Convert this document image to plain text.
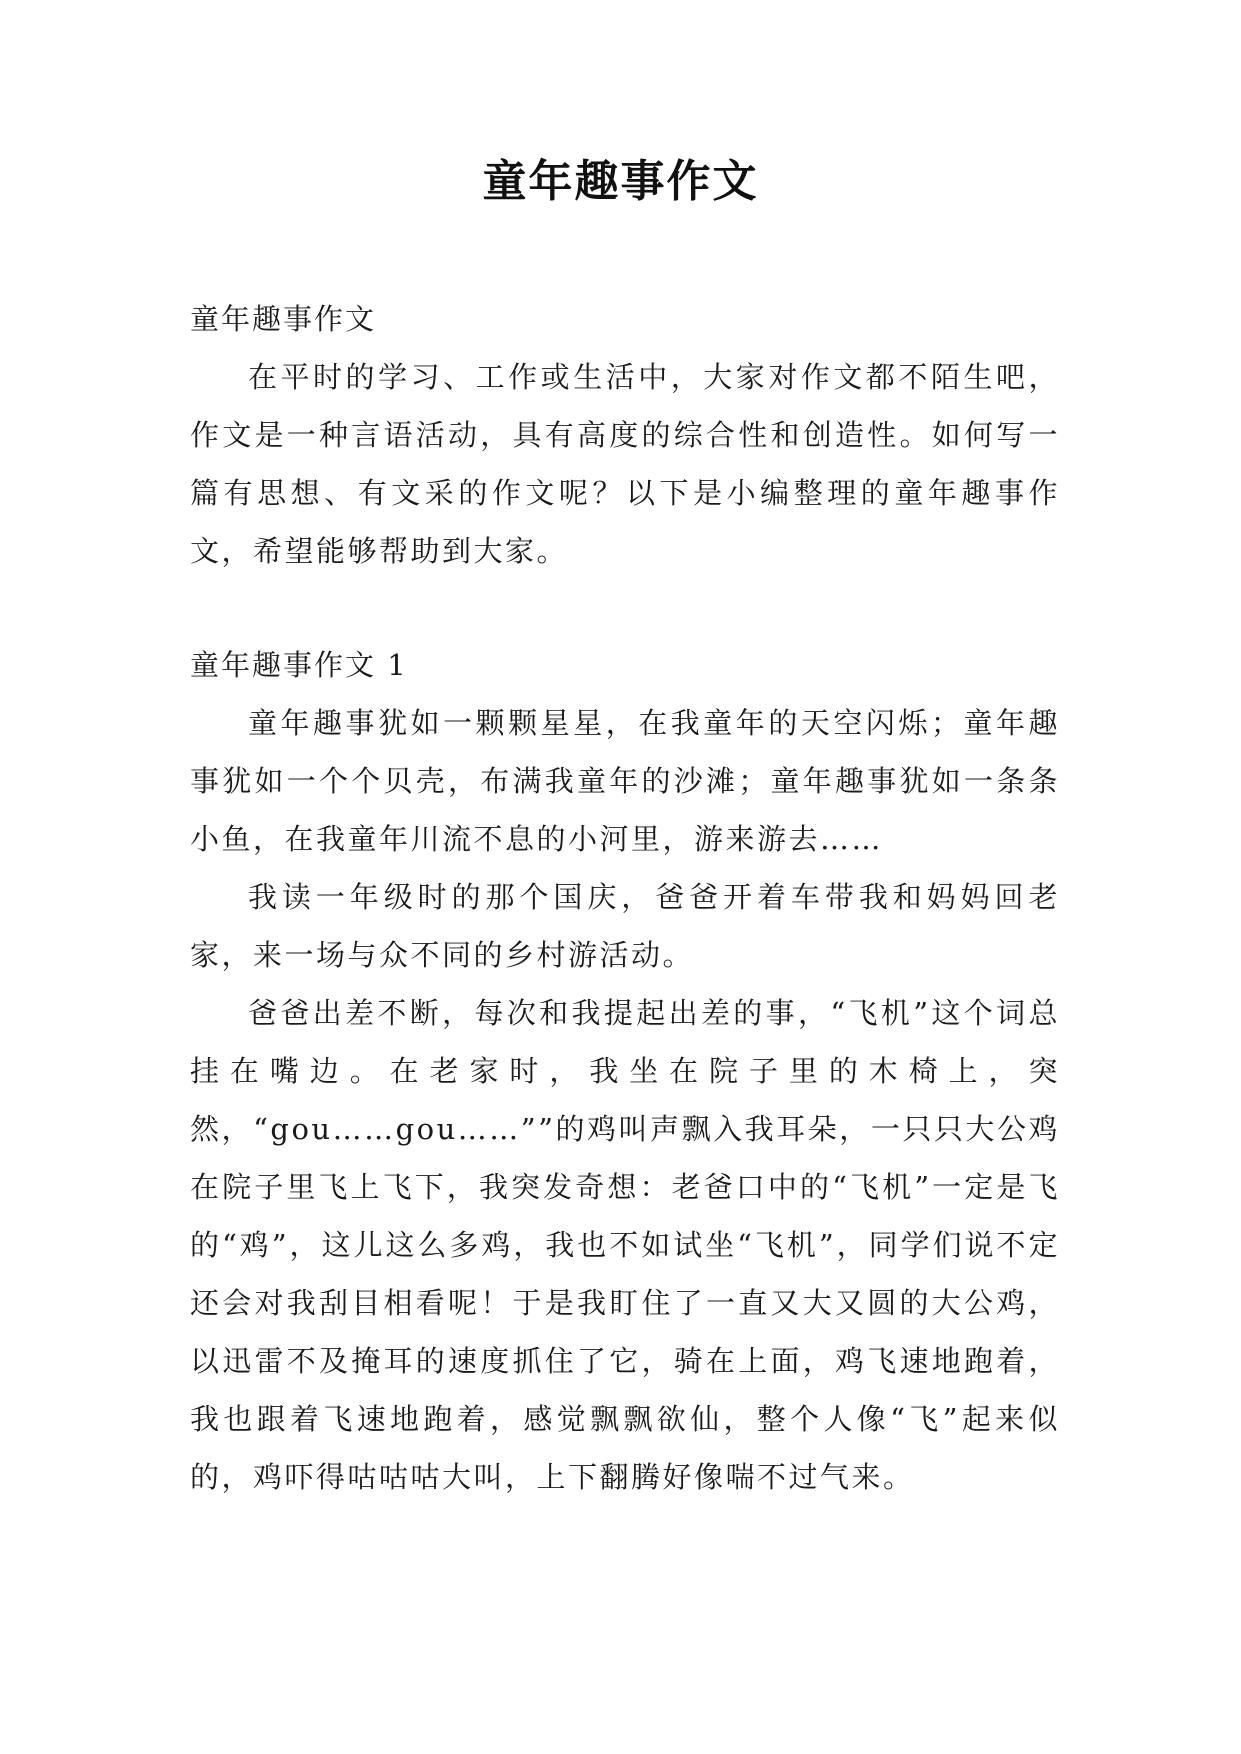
童年趣事作文

童年趣事作文

在平时的学习、工作或生活中，大家对作文都不陌生吧，作文是一种言语活动，具有高度的综合性和创造性。如何写一篇有思想、有文采的作文呢？以下是小编整理的童年趣事作文，希望能够帮助到大家。

童年趣事作文 1

童年趣事犹如一颗颗星星，在我童年的天空闪烁；童年趣事犹如一个个贝壳，布满我童年的沙滩；童年趣事犹如一条条小鱼，在我童年川流不息的小河里，游来游去……

我读一年级时的那个国庆，爸爸开着车带我和妈妈回老家，来一场与众不同的乡村游活动。

爸爸出差不断，每次和我提起出差的事，“飞机”这个词总挂在嘴边。在老家时，我坐在院子里的木椅上，突然，“gou……gou……””的鸡叫声飘入我耳朵，一只只大公鸡在院子里飞上飞下，我突发奇想：老爸口中的“飞机”一定是飞的“鸡”，这儿这么多鸡，我也不如试坐“飞机”，同学们说不定还会对我刮目相看呢！于是我盯住了一直又大又圆的大公鸡，以迅雷不及掩耳的速度抓住了它，骑在上面，鸡飞速地跑着，我也跟着飞速地跑着，感觉飘飘欲仙，整个人像“飞”起来似的，鸡吓得咕咕咕大叫，上下翻腾好像喘不过气来。
